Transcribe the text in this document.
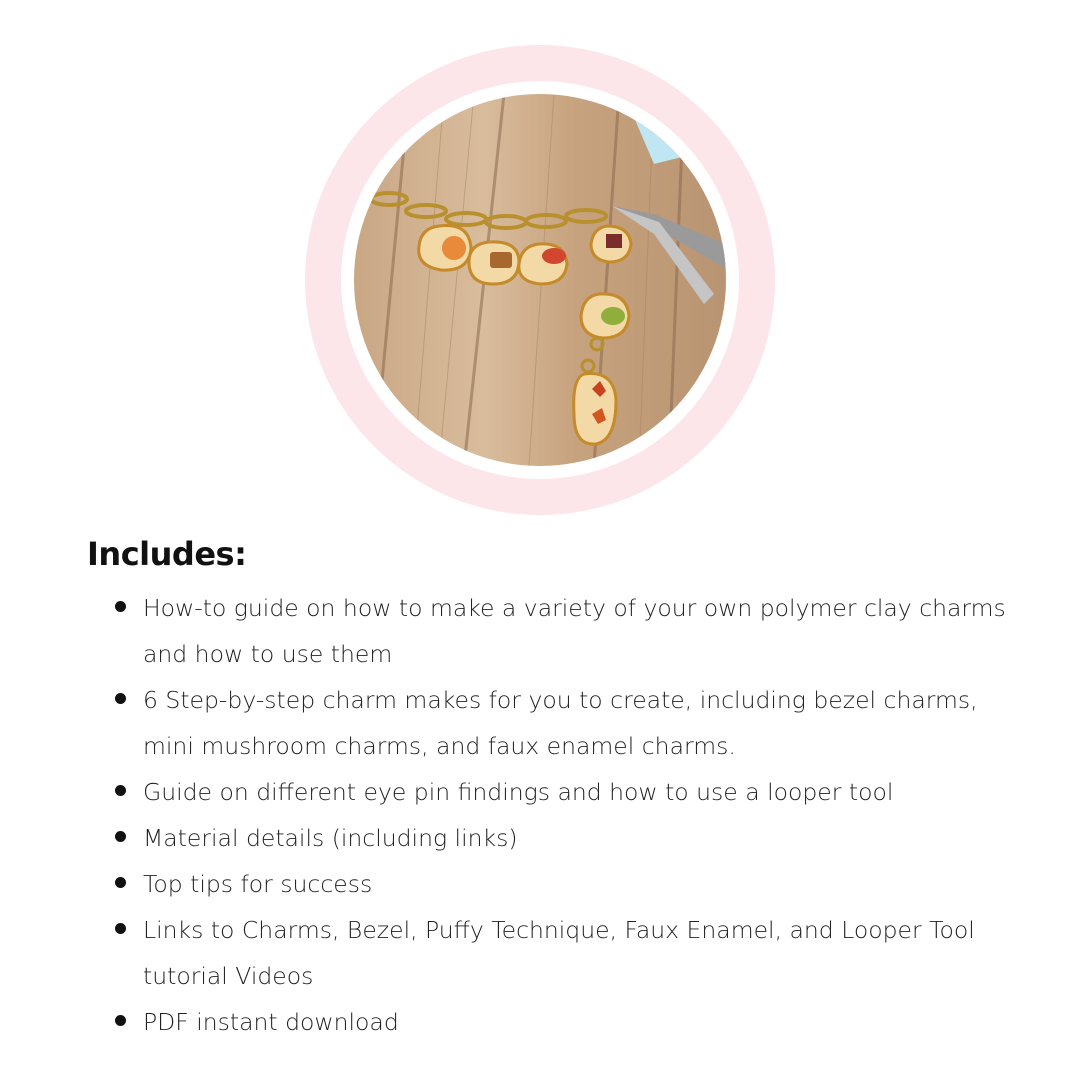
Includes:
How-to guide on how to make a variety of your own polymer clay charms and how to use them
6 Step-by-step charm makes for you to create, including bezel charms, mini mushroom charms, and faux enamel charms.
Guide on different eye pin findings and how to use a looper tool
Material details (including links)
Top tips for success
Links to Charms, Bezel, Puffy Technique, Faux Enamel, and Looper Tool tutorial Videos
PDF instant download
